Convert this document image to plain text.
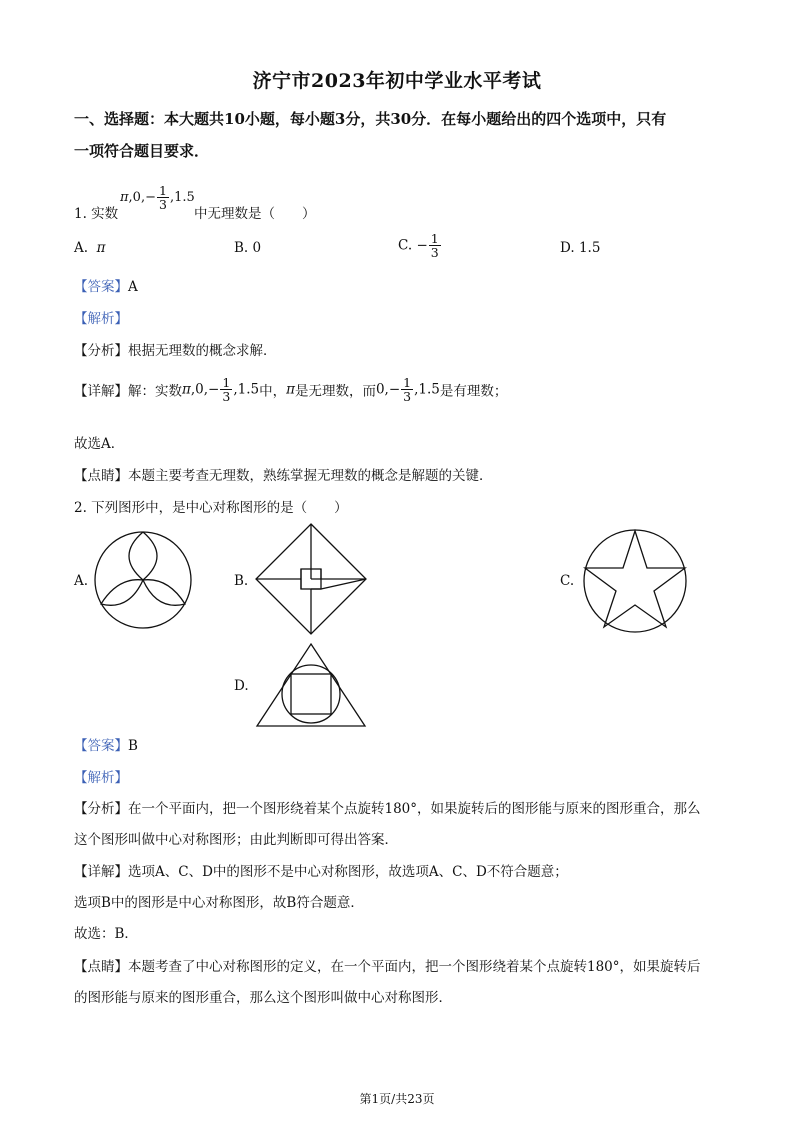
济宁市2023年初中学业水平考试
一、选择题：本大题共10小题，每小题3分，共30分．在每小题给出的四个选项中，只有
一项符合题目要求．
1. 实数
$\pi,0,- \frac{1}{3} ,1.5$
中无理数是（　　）
A. π	B. 0	C. − $\frac{1}{3}$	D. 1.5
【答案】A
【解析】
【分析】根据无理数的概念求解．
【详解】解：实数$\pi,0,- \frac{1}{3} ,1.5$中，π是无理数，而$0,- \frac{1}{3} ,1.5$是有理数；
故选A．
【点睛】本题主要考查无理数，熟练掌握无理数的概念是解题的关键．
2. 下列图形中，是中心对称图形的是（　　）
A.	B.	C.
D.
【答案】B
【解析】
【分析】在一个平面内，把一个图形绕着某个点旋转180°，如果旋转后的图形能与原来的图形重合，那么
这个图形叫做中心对称图形；由此判断即可得出答案．
【详解】选项A、C、D中的图形不是中心对称图形，故选项A、C、D不符合题意；
选项B中的图形是中心对称图形，故B符合题意．
故选：B．
【点睛】本题考查了中心对称图形的定义，在一个平面内，把一个图形绕着某个点旋转180°，如果旋转后
的图形能与原来的图形重合，那么这个图形叫做中心对称图形．
第1页/共23页
